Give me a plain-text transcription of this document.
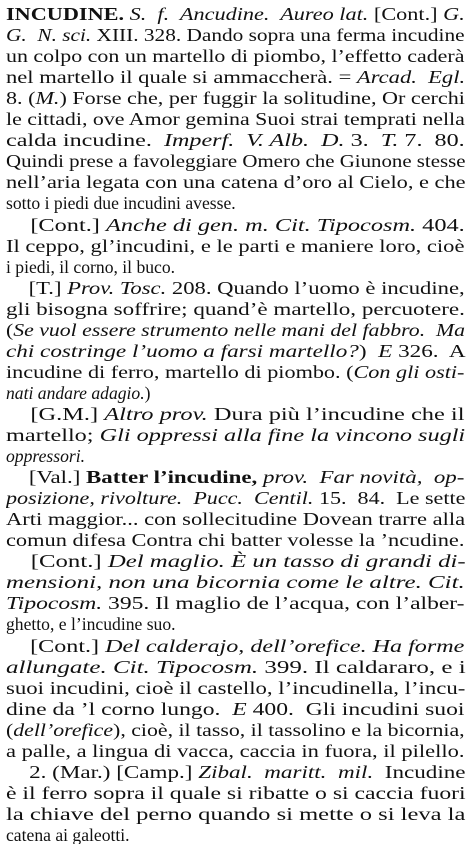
INCUDINE. S.  f.  Ancudine.  Aureo lat. [Cont.] G.
G.  N. sci. XIII. 328. Dando sopra una ferma incudine
un colpo con un martello di piombo, l’effetto caderà
nel martello il quale si ammaccherà. = Arcad.  Egl.
8. (M.) Forse che, per fuggir la solitudine, Or cerchi
le cittadi, ove Amor gemina Suoi strai temprati nella
calda incudine.  Imperf.  V. Alb.  D. 3.  T. 7.  80.
Quindi prese a favoleggiare Omero che Giunone stesse
nell’aria legata con una catena d’oro al Cielo, e che
sotto i piedi due incudini avesse.
[Cont.] Anche di gen. m. Cit. Tipocosm. 404.
Il ceppo, gl’incudini, e le parti e maniere loro, cioè
i piedi, il corno, il buco.
[T.] Prov. Tosc. 208. Quando l’uomo è incudine,
gli bisogna soffrire; quand’è martello, percuotere.
(Se vuol essere strumento nelle mani del fabbro.  Ma
chi costringe l’uomo a farsi martello?)  E 326.  A
incudine di ferro, martello di piombo. (Con gli osti-
nati andare adagio.)
[G.M.] Altro prov. Dura più l’incudine che il
martello; Gli oppressi alla fine la vincono sugli
oppressori.
[Val.] Batter l’incudine, prov.  Far novità,  op-
posizione, rivolture.  Pucc.  Centil. 15.  84.  Le sette
Arti maggior... con sollecitudine Dovean trarre alla
comun difesa Contra chi batter volesse la ’ncudine.
[Cont.] Del maglio. È un tasso di grandi di-
mensioni, non una bicornia come le altre. Cit.
Tipocosm. 395. Il maglio de l’acqua, con l’alber-
ghetto, e l’incudine suo.
[Cont.] Del calderajo, dell’orefice. Ha forme
allungate. Cit. Tipocosm. 399. Il caldararo, e i
suoi incudini, cioè il castello, l’incudinella, l’incu-
dine da ’l corno lungo.  E 400.  Gli incudini suoi
(dell’orefice), cioè, il tasso, il tassolino e la bicornia,
a palle, a lingua di vacca, caccia in fuora, il pilello.
2. (Mar.) [Camp.] Zibal.  maritt.  mil.  Incudine
è il ferro sopra il quale si ribatte o si caccia fuori
la chiave del perno quando si mette o si leva la
catena ai galeotti.
